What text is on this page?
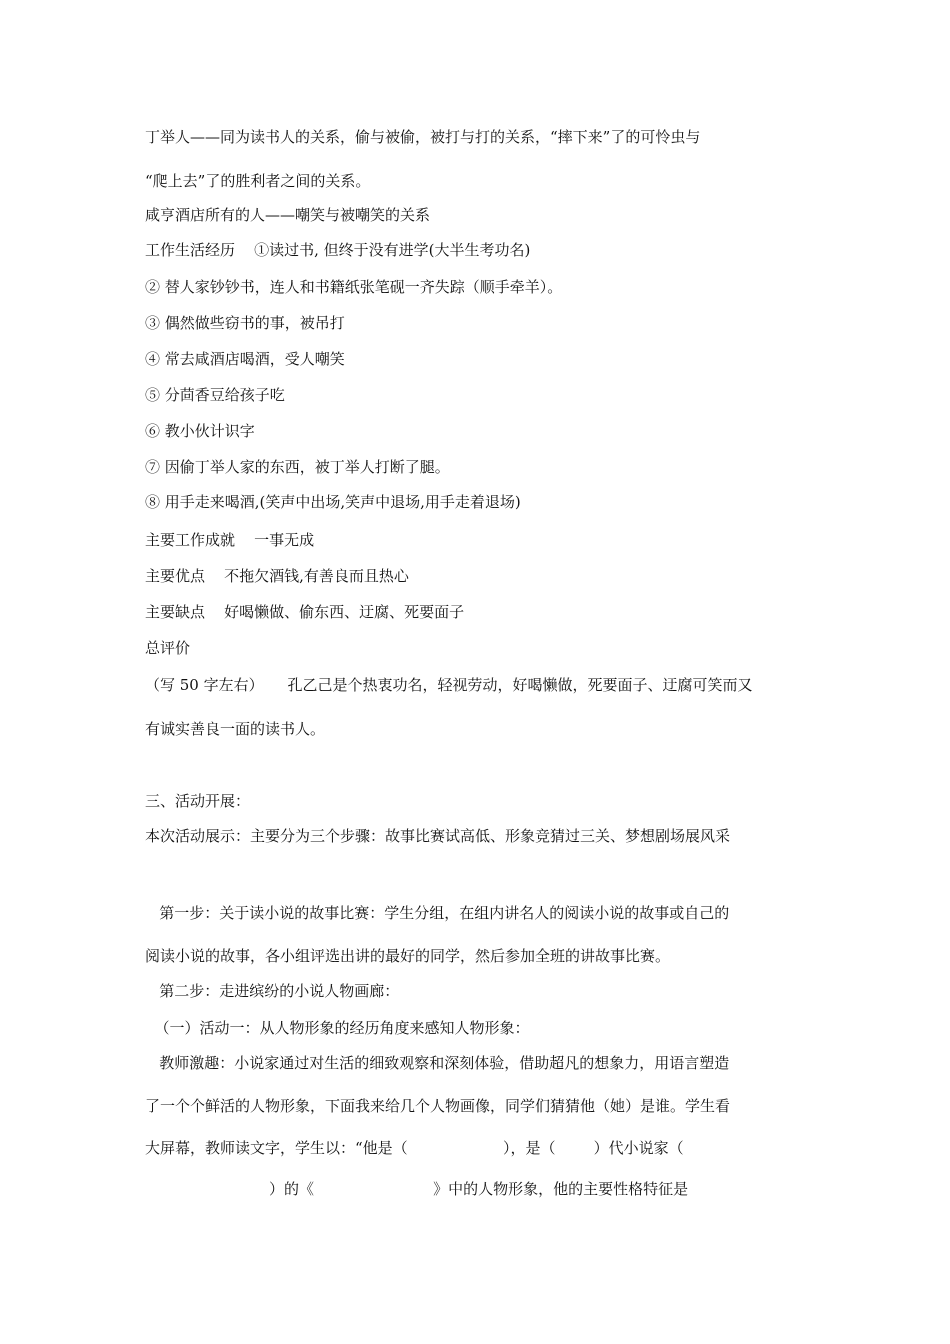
丁举人——同为读书人的关系，偷与被偷，被打与打的关系，“摔下来”了的可怜虫与
“爬上去”了的胜利者之间的关系。
咸亨酒店所有的人——嘲笑与被嘲笑的关系
工作生活经历    ①读过书, 但终于没有进学(大半生考功名)
② 替人家钞钞书，连人和书籍纸张笔砚一齐失踪（顺手牵羊）。
③ 偶然做些窃书的事，被吊打
④ 常去咸酒店喝酒，受人嘲笑
⑤ 分茴香豆给孩子吃
⑥ 教小伙计识字
⑦ 因偷丁举人家的东西，被丁举人打断了腿。
⑧ 用手走来喝酒,(笑声中出场,笑声中退场,用手走着退场)
主要工作成就    一事无成
主要优点    不拖欠酒钱,有善良而且热心
主要缺点    好喝懒做、偷东西、迂腐、死要面子
总评价
（写 50 字左右）     孔乙己是个热衷功名，轻视劳动，好喝懒做，死要面子、迂腐可笑而又
有诚实善良一面的读书人。
三、活动开展：
本次活动展示：主要分为三个步骤：故事比赛试高低、形象竞猜过三关、梦想剧场展风采
第一步：关于读小说的故事比赛：学生分组，在组内讲名人的阅读小说的故事或自己的
阅读小说的故事，各小组评选出讲的最好的同学，然后参加全班的讲故事比赛。
第二步：走进缤纷的小说人物画廊：
（一）活动一：从人物形象的经历角度来感知人物形象：
教师激趣：小说家通过对生活的细致观察和深刻体验，借助超凡的想象力，用语言塑造
了一个个鲜活的人物形象，下面我来给几个人物画像，同学们猜猜他（她）是谁。学生看
大屏幕，教师读文字，学生以：“他是（                    ），是（        ）代小说家（
）的《                         》中的人物形象，他的主要性格特征是
